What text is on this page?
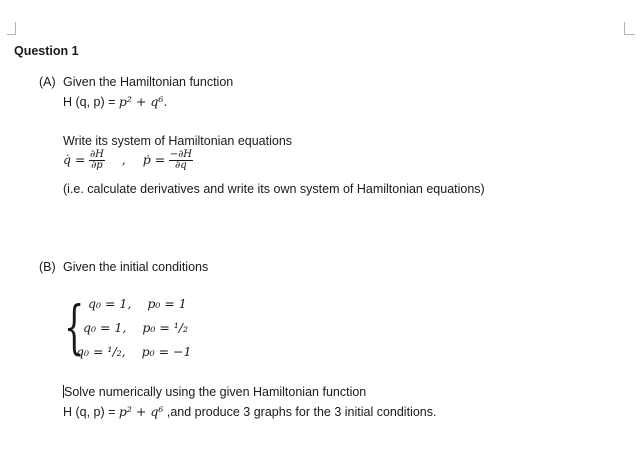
Question 1
(A) Given the Hamiltonian function
H (q, p) = p² + q⁶.
Write its system of Hamiltonian equations
q̇ = $\frac{\partial H}{\partial p}$ , ṗ = $\frac{-\partial H}{\partial q}$
(i.e. calculate derivatives and write its own system of Hamiltonian equations)
(B) Given the initial conditions
{ q₀ = 1, p₀ = 1
q₀ = 1, p₀ = ¹/₂
q₀ = ¹/₂, p₀ = −1
Solve numerically using the given Hamiltonian function
H (q, p) = p² + q⁶ ,and produce 3 graphs for the 3 initial conditions.
